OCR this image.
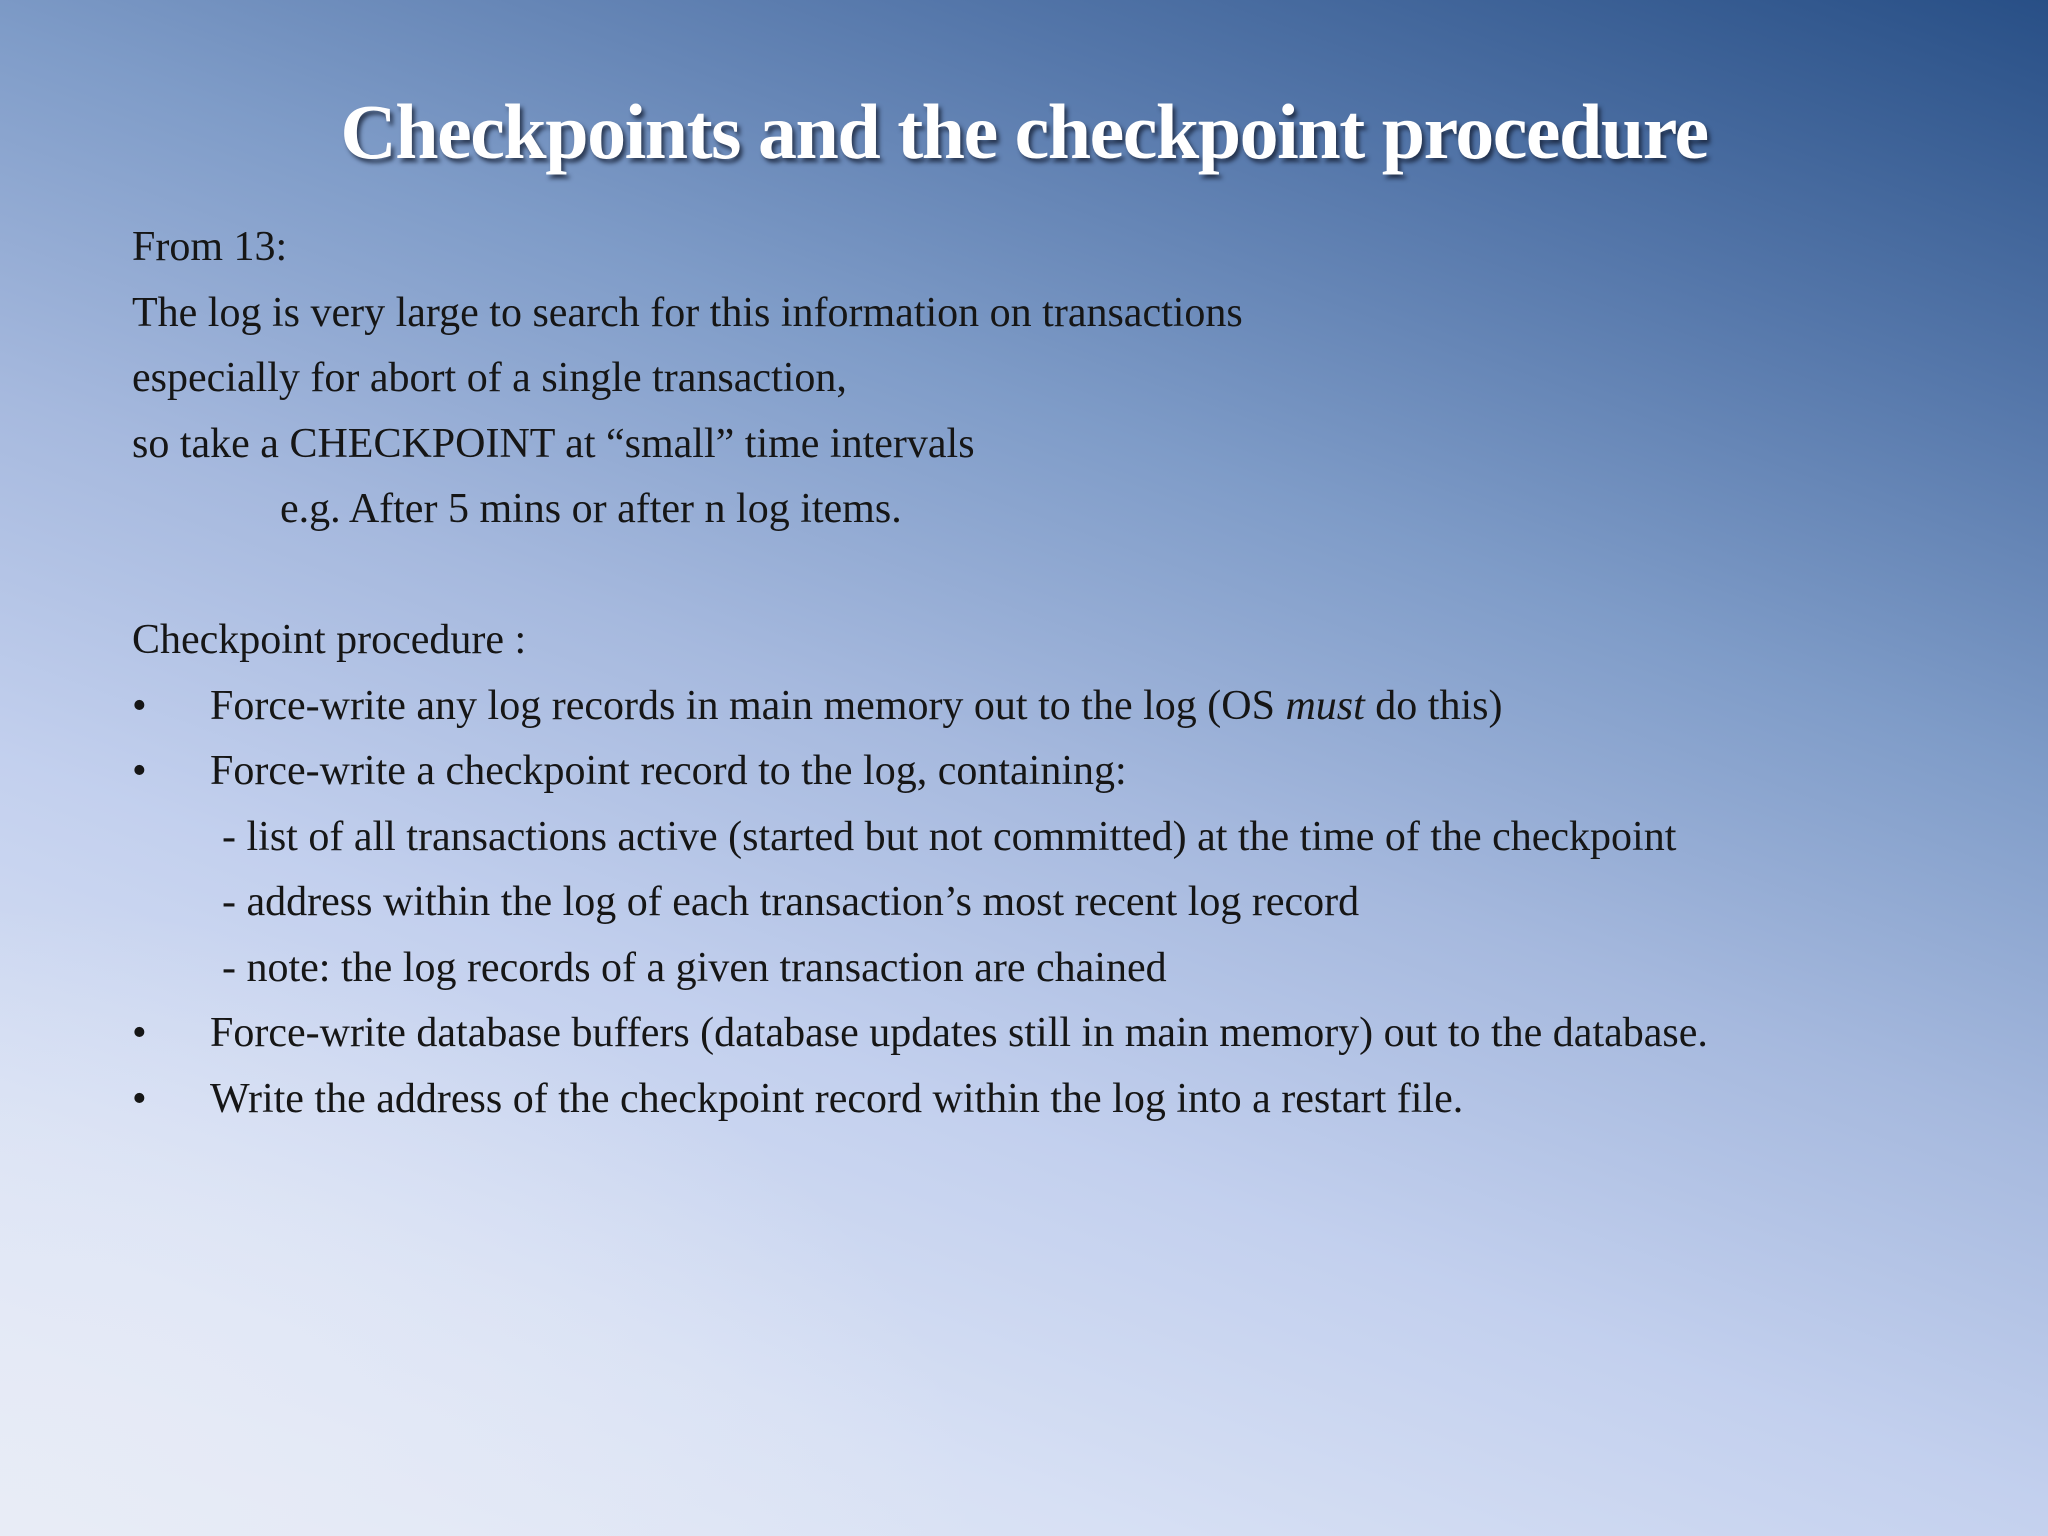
Checkpoints and the checkpoint procedure
From 13:
The log is very large to search for this information on transactions
especially for abort of a single transaction,
so take a CHECKPOINT at “small” time intervals
e.g. After 5 mins or after n log items.
Checkpoint procedure :

•

Force-write any log records in main memory out to the log (OS must do this)

•

Force-write a checkpoint record to the log, containing:

- list of all transactions active (started but not committed) at the time of the checkpoint
- address within the log of each transaction’s most recent log record
- note: the log records of a given transaction are chained

•

Force-write database buffers (database updates still in main memory) out to the database.

•

Write the address of the checkpoint record within the log into a restart file.
